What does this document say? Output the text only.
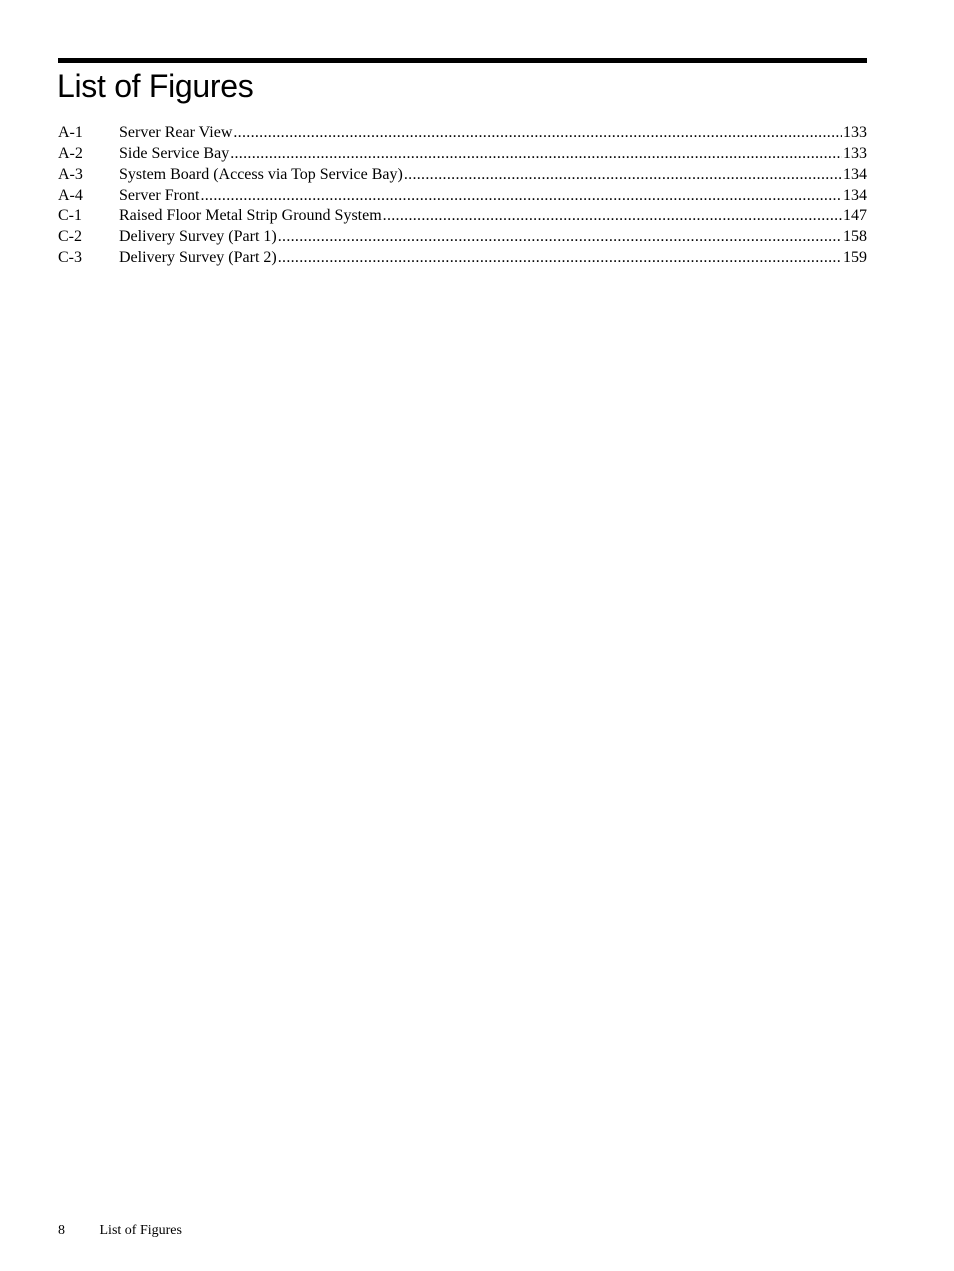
List of Figures
A-1	Server Rear View .....	133
A-2	Side Service Bay .....	133
A-3	System Board (Access via Top Service Bay) .....	134
A-4	Server Front .....	134
C-1	Raised Floor Metal Strip Ground System .....	147
C-2	Delivery Survey (Part 1) .....	158
C-3	Delivery Survey (Part 2) .....	159
8 List of Figures
